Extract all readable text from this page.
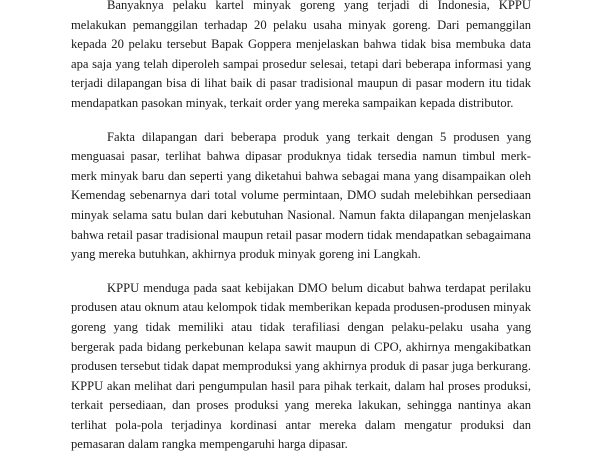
Banyaknya pelaku kartel minyak goreng yang terjadi di Indonesia, KPPU melakukan pemanggilan terhadap 20 pelaku usaha minyak goreng. Dari pemanggilan kepada 20 pelaku tersebut Bapak Goppera menjelaskan bahwa tidak bisa membuka data apa saja yang telah diperoleh sampai prosedur selesai, tetapi dari beberapa informasi yang terjadi dilapangan bisa di lihat baik di pasar tradisional maupun di pasar modern itu tidak mendapatkan pasokan minyak, terkait order yang mereka sampaikan kepada distributor.

Fakta dilapangan dari beberapa produk yang terkait dengan 5 produsen yang menguasai pasar, terlihat bahwa dipasar produknya tidak tersedia namun timbul merk-merk minyak baru dan seperti yang diketahui bahwa sebagai mana yang disampaikan oleh Kemendag sebenarnya dari total volume permintaan, DMO sudah melebihkan persediaan minyak selama satu bulan dari kebutuhan Nasional. Namun fakta dilapangan menjelaskan bahwa retail pasar tradisional maupun retail pasar modern tidak mendapatkan sebagaimana yang mereka butuhkan, akhirnya produk minyak goreng ini Langkah.

KPPU menduga pada saat kebijakan DMO belum dicabut bahwa terdapat perilaku produsen atau oknum atau kelompok tidak memberikan kepada produsen-produsen minyak goreng yang tidak memiliki atau tidak terafiliasi dengan pelaku-pelaku usaha yang bergerak pada bidang perkebunan kelapa sawit maupun di CPO, akhirnya mengakibatkan produsen tersebut tidak dapat memproduksi yang akhirnya produk di pasar juga berkurang. KPPU akan melihat dari pengumpulan hasil para pihak terkait, dalam hal proses produksi, terkait persediaan, dan proses produksi yang mereka lakukan, sehingga nantinya akan terlihat pola-pola terjadinya kordinasi antar mereka dalam mengatur produksi dan pemasaran dalam rangka mempengaruhi harga dipasar.
